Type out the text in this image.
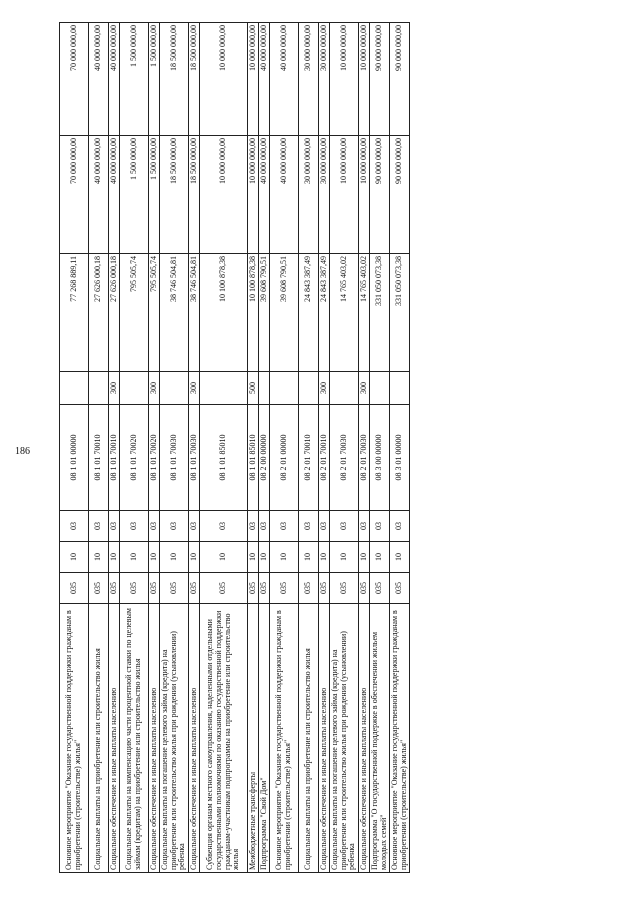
186
Основное мероприятие "Оказание государственной поддержки гражданам в приобретении (строительстве) жилья"	035	10	03	08 1 01 00000		77 268 889,11	70 000 000,00	70 000 000,00
Социальные выплаты на приобретение или строительство жилья	035	10	03	08 1 01 70010		27 626 000,18	40 000 000,00	40 000 000,00
Социальное обеспечение и иные выплаты населению	035	10	03	08 1 01 70010	300	27 626 000,18	40 000 000,00	40 000 000,00
Социальные выплаты на компенсацию части процентной ставки по целевым займам (кредитам) на приобретение или строительство жилья	035	10	03	08 1 01 70020		795 505,74	1 500 000,00	1 500 000,00
Социальное обеспечение и иные выплаты населению	035	10	03	08 1 01 70020	300	795 505,74	1 500 000,00	1 500 000,00
Социальные выплаты на погашение целевого займа (кредита) на приобретение или строительство жилья при рождении (усыновлении) ребенка	035	10	03	08 1 01 70030		38 746 504,81	18 500 000,00	18 500 000,00
Социальное обеспечение и иные выплаты населению	035	10	03	08 1 01 70030	300	38 746 504,81	18 500 000,00	18 500 000,00
Субвенция органам местного самоуправления, наделенными отдельными государственными полномочиями по оказанию государственной поддержки гражданам-участникам подпрограммы на приобретение или строительство жилья	035	10	03	08 1 01 85010		10 100 878,38	10 000 000,00	10 000 000,00
Межбюджетные трансферты	035	10	03	08 1 01 85010	500	10 100 878,38	10 000 000,00	10 000 000,00
Подпрограмма "Свой Дом"	035	10	03	08 2 00 00000		39 608 790,51	40 000 000,00	40 000 000,00
Основное мероприятие "Оказание государственной поддержки гражданам в приобретении (строительстве) жилья"	035	10	03	08 2 01 00000		39 608 790,51	40 000 000,00	40 000 000,00
Социальные выплаты на приобретение или строительство жилья	035	10	03	08 2 01 70010		24 843 387,49	30 000 000,00	30 000 000,00
Социальное обеспечение и иные выплаты населению	035	10	03	08 2 01 70010	300	24 843 387,49	30 000 000,00	30 000 000,00
Социальные выплаты на погашение целевого займа (кредита) на приобретение или строительство жилья при рождении (усыновлении) ребенка	035	10	03	08 2 01 70030		14 765 403,02	10 000 000,00	10 000 000,00
Социальное обеспечение и иные выплаты населению	035	10	03	08 2 01 70030	300	14 765 403,02	10 000 000,00	10 000 000,00
Подпрограмма "О государственной поддержке в обеспечении жильем молодых семей"	035	10	03	08 3 00 00000		331 050 073,38	90 000 000,00	90 000 000,00
Основное мероприятие "Оказание государственной поддержки гражданам в приобретении (строительстве) жилья"	035	10	03	08 3 01 00000		331 050 073,38	90 000 000,00	90 000 000,00
